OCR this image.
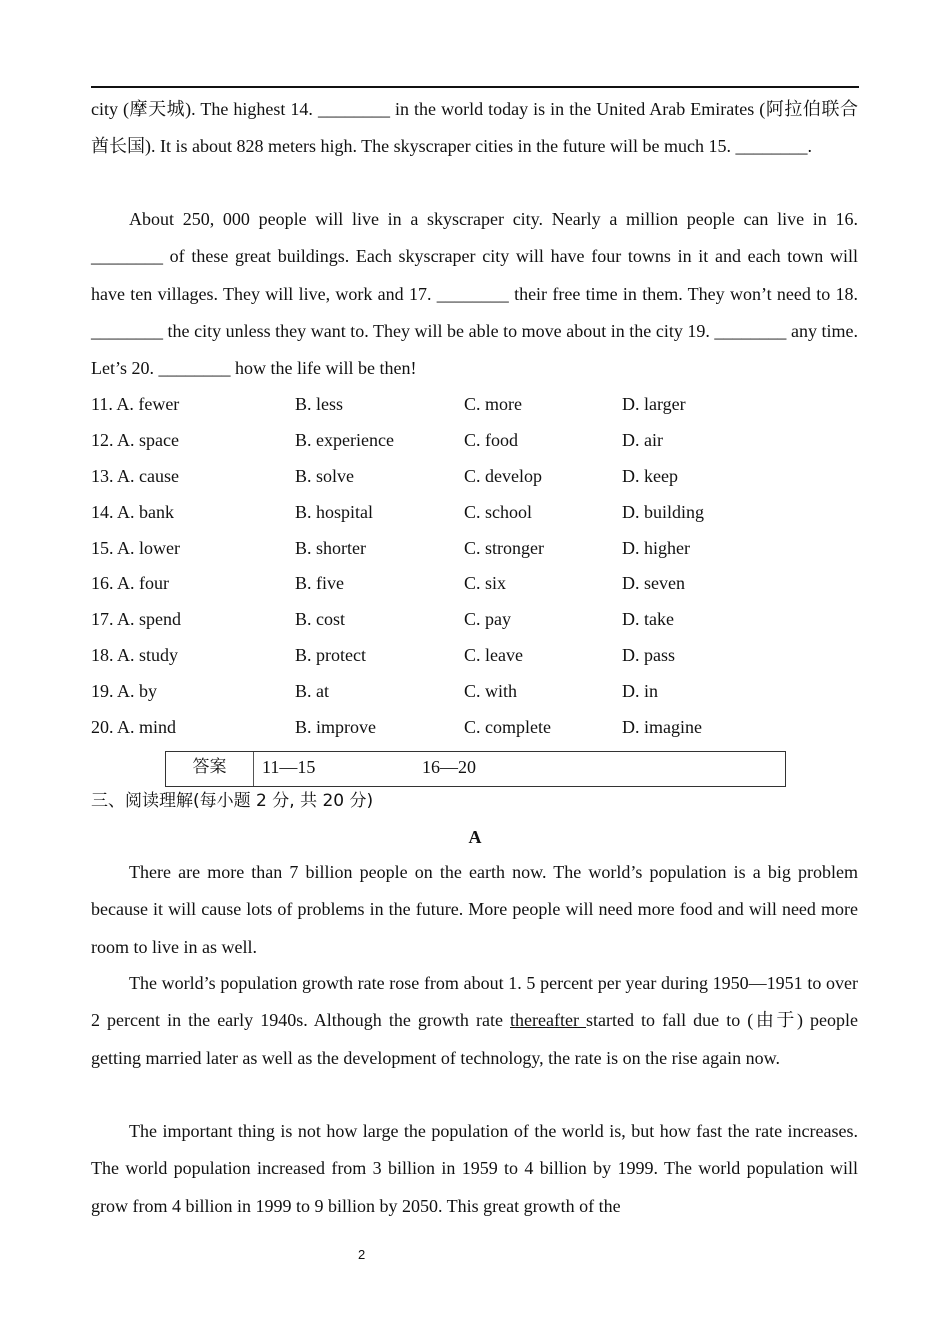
city (摩天城). The highest 14. ________ in the world today is in the United Arab Emirates (阿拉伯联合酋长国). It is about 828 meters high. The skyscraper cities in the future will be much 15. ________.
About 250, 000 people will live in a skyscraper city. Nearly a million people can live in 16. ________ of these great buildings. Each skyscraper city will have four towns in it and each town will have ten villages. They will live, work and 17. ________ their free time in them. They won’t need to 18. ________ the city unless they want to. They will be able to move about in the city 19. ________ any time. Let’s 20. ________ how the life will be then!
11. A. fewer	B. less	C. more	D. larger
12. A. space	B. experience	C. food	D. air
13. A. cause	B. solve	C. develop	D. keep
14. A. bank	B. hospital	C. school	D. building
15. A. lower	B. shorter	C. stronger	D. higher
16. A. four	B. five	C. six	D. seven
17. A. spend	B. cost	C. pay	D. take
18. A. study	B. protect	C. leave	D. pass
19. A. by	B. at	C. with	D. in
20. A. mind	B. improve	C. complete	D. imagine
答案	11—15	16—20
三、阅读理解(每小题 2 分, 共 20 分)
A
There are more than 7 billion people on the earth now. The world’s population is a big problem because it will cause lots of problems in the future. More people will need more food and will need more room to live in as well.
The world’s population growth rate rose from about 1. 5 percent per year during 1950—1951 to over 2 percent in the early 1940s. Although the growth rate thereafter started to fall due to (由于) people getting married later as well as the development of technology, the rate is on the rise again now.
The important thing is not how large the population of the world is, but how fast the rate increases. The world population increased from 3 billion in 1959 to 4 billion by 1999. The world population will grow from 4 billion in 1999 to 9 billion by 2050. This great growth of the
2
